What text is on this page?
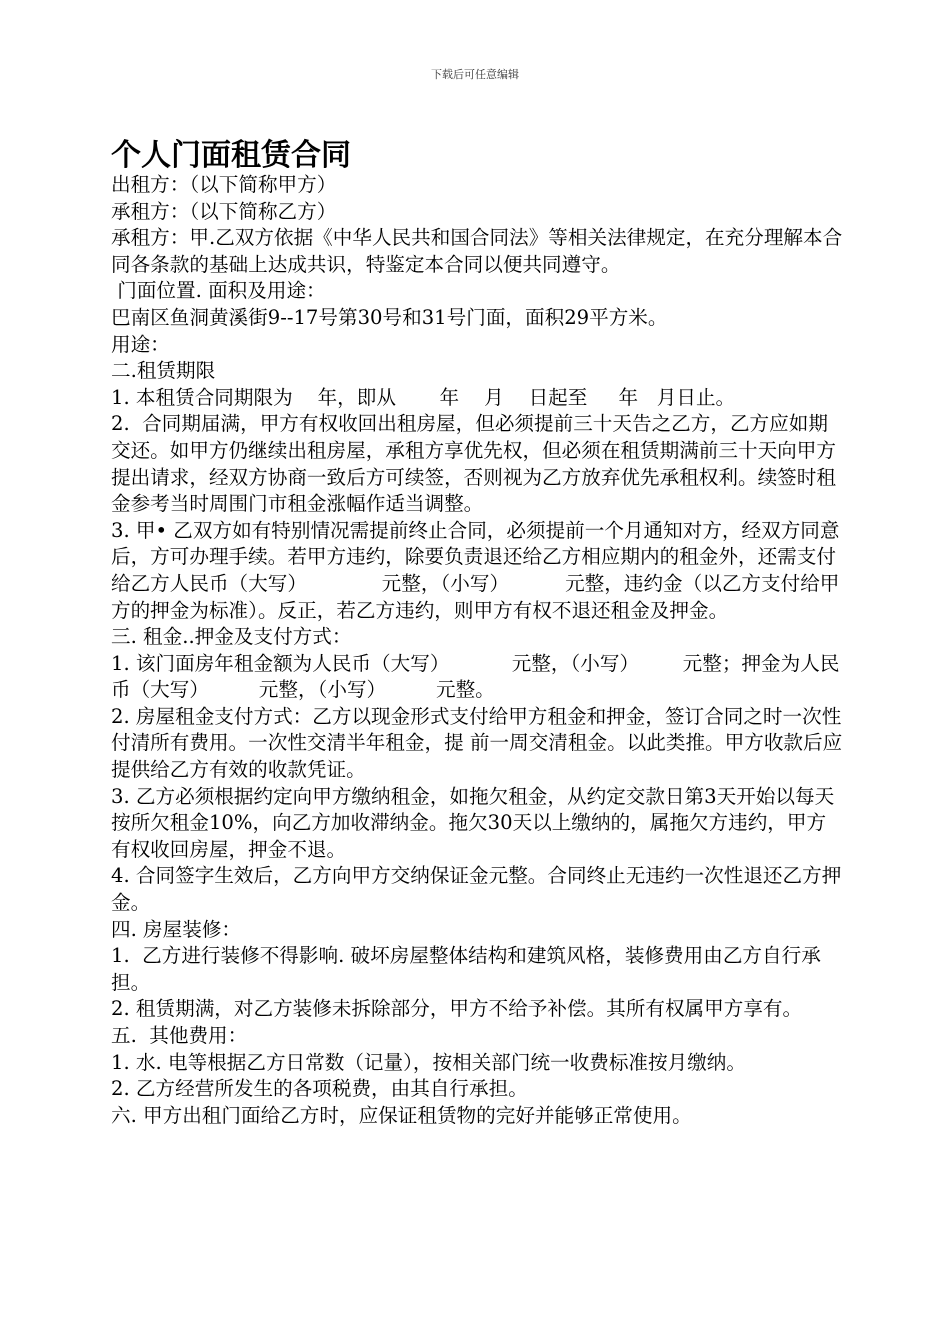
下载后可任意编辑
个人门面租赁合同

出租方：（以下简称甲方）

承租方：（以下简称乙方）

承租方：甲.乙双方依据《中华人民共和国合同法》等相关法律规定，在充分理解本合同各条款的基础上达成共识，特鉴定本合同以便共同遵守。

门面位置. 面积及用途：

巴南区鱼洞黄溪街9--17号第30号和31号门面，面积29平方米。

用途：

二.租赁期限

1. 本租赁合同期限为    年，即从       年    月    日起至     年   月日止。

2.  合同期届满，甲方有权收回出租房屋，但必须提前三十天告之乙方，乙方应如期交还。如甲方仍继续出租房屋，承租方享优先权，但必须在租赁期满前三十天向甲方提出请求，经双方协商一致后方可续签，否则视为乙方放弃优先承租权利。续签时租金参考当时周围门市租金涨幅作适当调整。

3. 甲• 乙双方如有特别情况需提前终止合同，必须提前一个月通知对方，经双方同意后，方可办理手续。若甲方违约，除要负责退还给乙方相应期内的租金外，还需支付给乙方人民币（大写）            元整，（小写）         元整，违约金（以乙方支付给甲方的押金为标准）。反正，若乙方违约，则甲方有权不退还租金及押金。

三. 租金..押金及支付方式：

1. 该门面房年租金额为人民币（大写）          元整，（小写）       元整；押金为人民币（大写）        元整，（小写）        元整。

2. 房屋租金支付方式：乙方以现金形式支付给甲方租金和押金，签订合同之时一次性付清所有费用。一次性交清半年租金，提 前一周交清租金。以此类推。甲方收款后应提供给乙方有效的收款凭证。

3. 乙方必须根据约定向甲方缴纳租金，如拖欠租金，从约定交款日第3天开始以每天按所欠租金10%，向乙方加收滞纳金。拖欠30天以上缴纳的，属拖欠方违约，甲方有权收回房屋，押金不退。

4. 合同签字生效后，乙方向甲方交纳保证金元整。合同终止无违约一次性退还乙方押金。

四. 房屋装修：

1.  乙方进行装修不得影响. 破坏房屋整体结构和建筑风格，装修费用由乙方自行承担。

2. 租赁期满，对乙方装修未拆除部分，甲方不给予补偿。其所有权属甲方享有。

五.  其他费用：

1. 水. 电等根据乙方日常数（记量），按相关部门统一收费标准按月缴纳。

2. 乙方经营所发生的各项税费，由其自行承担。

六. 甲方出租门面给乙方时，应保证租赁物的完好并能够正常使用。
